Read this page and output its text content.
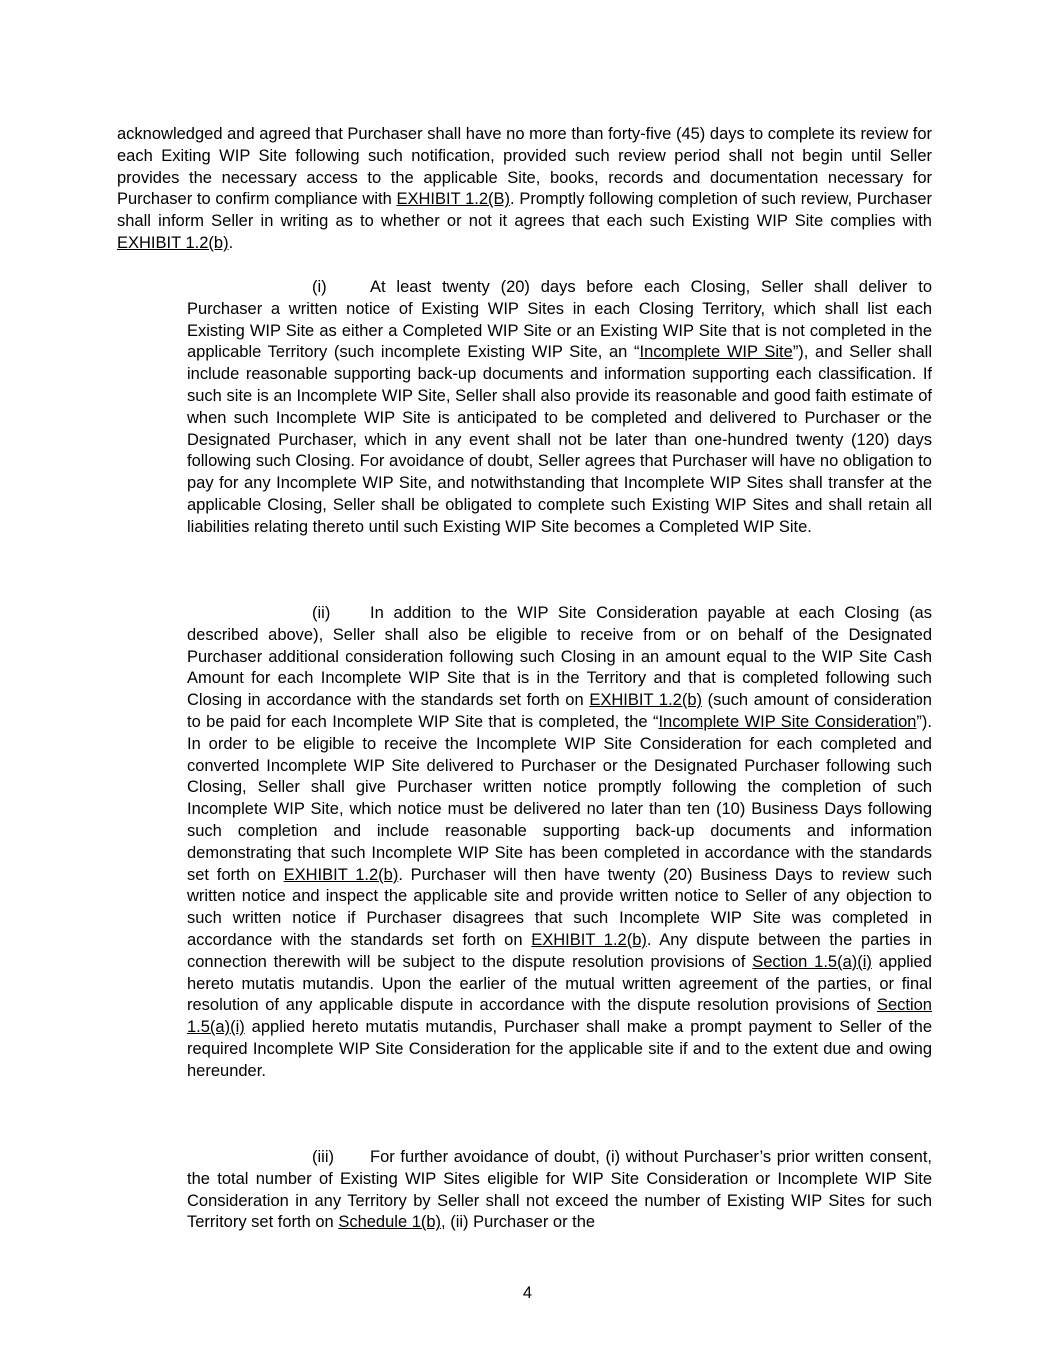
acknowledged and agreed that Purchaser shall have no more than forty-five (45) days to complete its review for each Exiting WIP Site following such notification, provided such review period shall not begin until Seller provides the necessary access to the applicable Site, books, records and documentation necessary for Purchaser to confirm compliance with EXHIBIT 1.2(B). Promptly following completion of such review, Purchaser shall inform Seller in writing as to whether or not it agrees that each such Existing WIP Site complies with EXHIBIT 1.2(b).

(i)	At least twenty (20) days before each Closing, Seller shall deliver to Purchaser a written notice of Existing WIP Sites in each Closing Territory, which shall list each Existing WIP Site as either a Completed WIP Site or an Existing WIP Site that is not completed in the applicable Territory (such incomplete Existing WIP Site, an “Incomplete WIP Site”), and Seller shall include reasonable supporting back-up documents and information supporting each classification. If such site is an Incomplete WIP Site, Seller shall also provide its reasonable and good faith estimate of when such Incomplete WIP Site is anticipated to be completed and delivered to Purchaser or the Designated Purchaser, which in any event shall not be later than one-hundred twenty (120) days following such Closing. For avoidance of doubt, Seller agrees that Purchaser will have no obligation to pay for any Incomplete WIP Site, and notwithstanding that Incomplete WIP Sites shall transfer at the applicable Closing, Seller shall be obligated to complete such Existing WIP Sites and shall retain all liabilities relating thereto until such Existing WIP Site becomes a Completed WIP Site.

(ii) In addition to the WIP Site Consideration payable at each Closing (as described above), Seller shall also be eligible to receive from or on behalf of the Designated Purchaser additional consideration following such Closing in an amount equal to the WIP Site Cash Amount for each Incomplete WIP Site that is in the Territory and that is completed following such Closing in accordance with the standards set forth on EXHIBIT 1.2(b) (such amount of consideration to be paid for each Incomplete WIP Site that is completed, the “Incomplete WIP Site Consideration”). In order to be eligible to receive the Incomplete WIP Site Consideration for each completed and converted Incomplete WIP Site delivered to Purchaser or the Designated Purchaser following such Closing, Seller shall give Purchaser written notice promptly following the completion of such Incomplete WIP Site, which notice must be delivered no later than ten (10) Business Days following such completion and include reasonable supporting back-up documents and information demonstrating that such Incomplete WIP Site has been completed in accordance with the standards set forth on EXHIBIT 1.2(b). Purchaser will then have twenty (20) Business Days to review such written notice and inspect the applicable site and provide written notice to Seller of any objection to such written notice if Purchaser disagrees that such Incomplete WIP Site was completed in accordance with the standards set forth on EXHIBIT 1.2(b). Any dispute between the parties in connection therewith will be subject to the dispute resolution provisions of Section 1.5(a)(i) applied hereto mutatis mutandis. Upon the earlier of the mutual written agreement of the parties, or final resolution of any applicable dispute in accordance with the dispute resolution provisions of Section 1.5(a)(i) applied hereto mutatis mutandis, Purchaser shall make a prompt payment to Seller of the required Incomplete WIP Site Consideration for the applicable site if and to the extent due and owing hereunder.

(iii) For further avoidance of doubt, (i) without Purchaser’s prior written consent, the total number of Existing WIP Sites eligible for WIP Site Consideration or Incomplete WIP Site Consideration in any Territory by Seller shall not exceed the number of Existing WIP Sites for such Territory set forth on Schedule 1(b), (ii) Purchaser or the

4
